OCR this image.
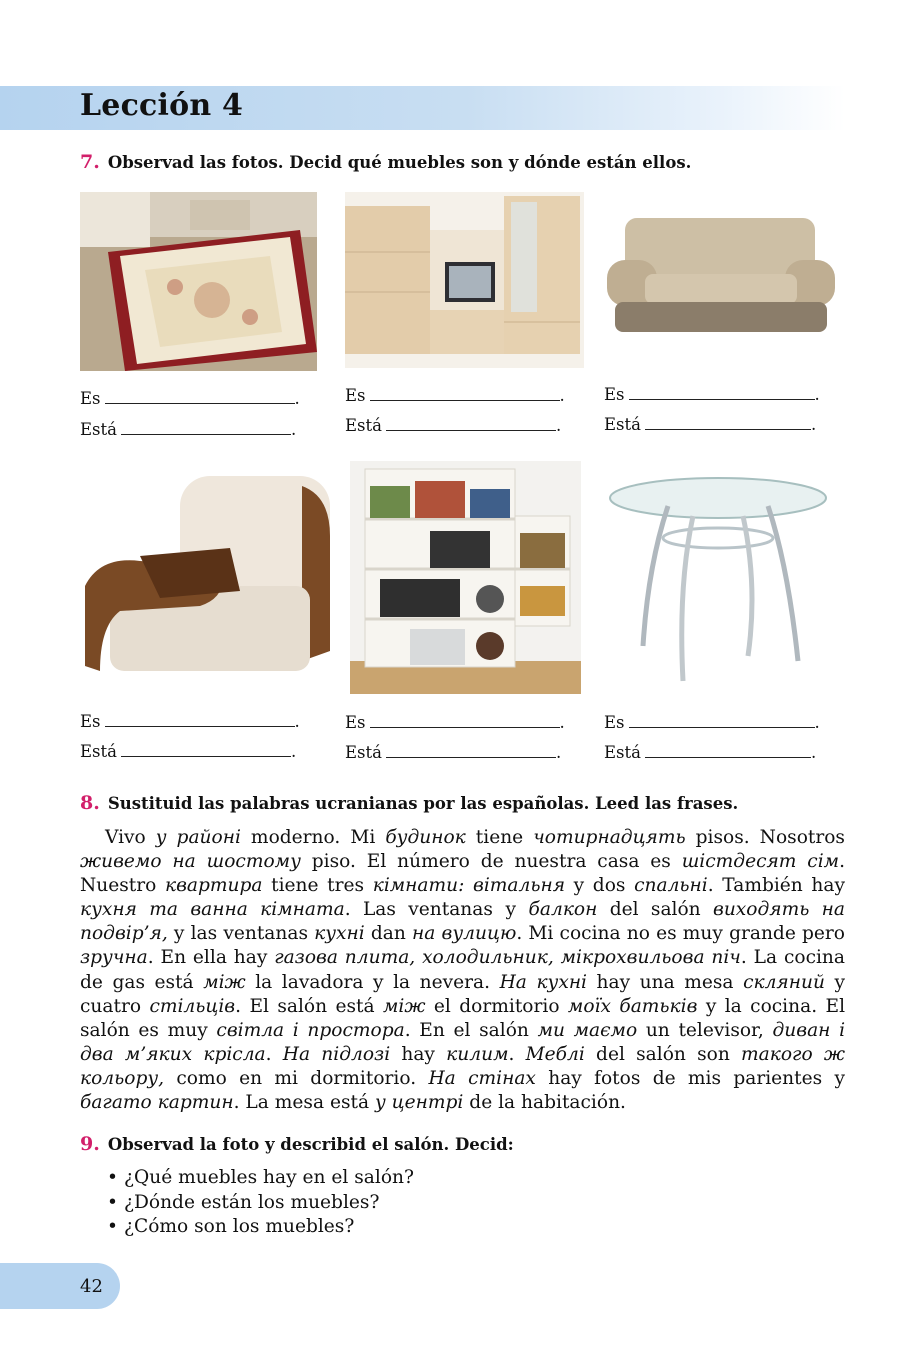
Lección 4
7. Observad las fotos. Decid qué muebles son y dónde están ellos.
Es	.
Está	.
Es	.
Está	.
Es	.
Está	.
Es	.
Está	.
Es	.
Está	.
Es	.
Está	.
8. Sustituid las palabras ucranianas por las españolas. Leed las frases.

Vivo у районі moderno. Mi будинок tiene чотирнадцять pisos. Nosotros живемо на шостому piso. El número de nuestra casa es шістдесят сім. Nuestro квартира tiene tres кімнати: вітальня y dos спальні. También hay кухня та ванна кімната. Las ventanas у балкон del salón виходять на подвір’я, y las ventanas кухні dan на вулицю. Mi cocina no es muy grande pero зручна. En ella hay газова плита, холодильник, мікрохвильова піч. La cocina de gas está між la lavadora y la nevera. На кухні hay una mesa скляний y cuatro стільців. El salón está між el dormitorio моїх батьків y la cocina. El salón es muy світла і простора. En el salón ми маємо un televisor, диван і два м’яких крісла. На підлозі hay килим. Меблі del salón son такого ж кольору, como en mi dormitorio. На стінах hay fotos de mis parientes y багато картин. La mesa está у центрі de la habitación.

9. Observad la foto y describid el salón. Decid:
• ¿Qué muebles hay en el salón?
• ¿Dónde están los muebles?
• ¿Cómo son los muebles?
42
